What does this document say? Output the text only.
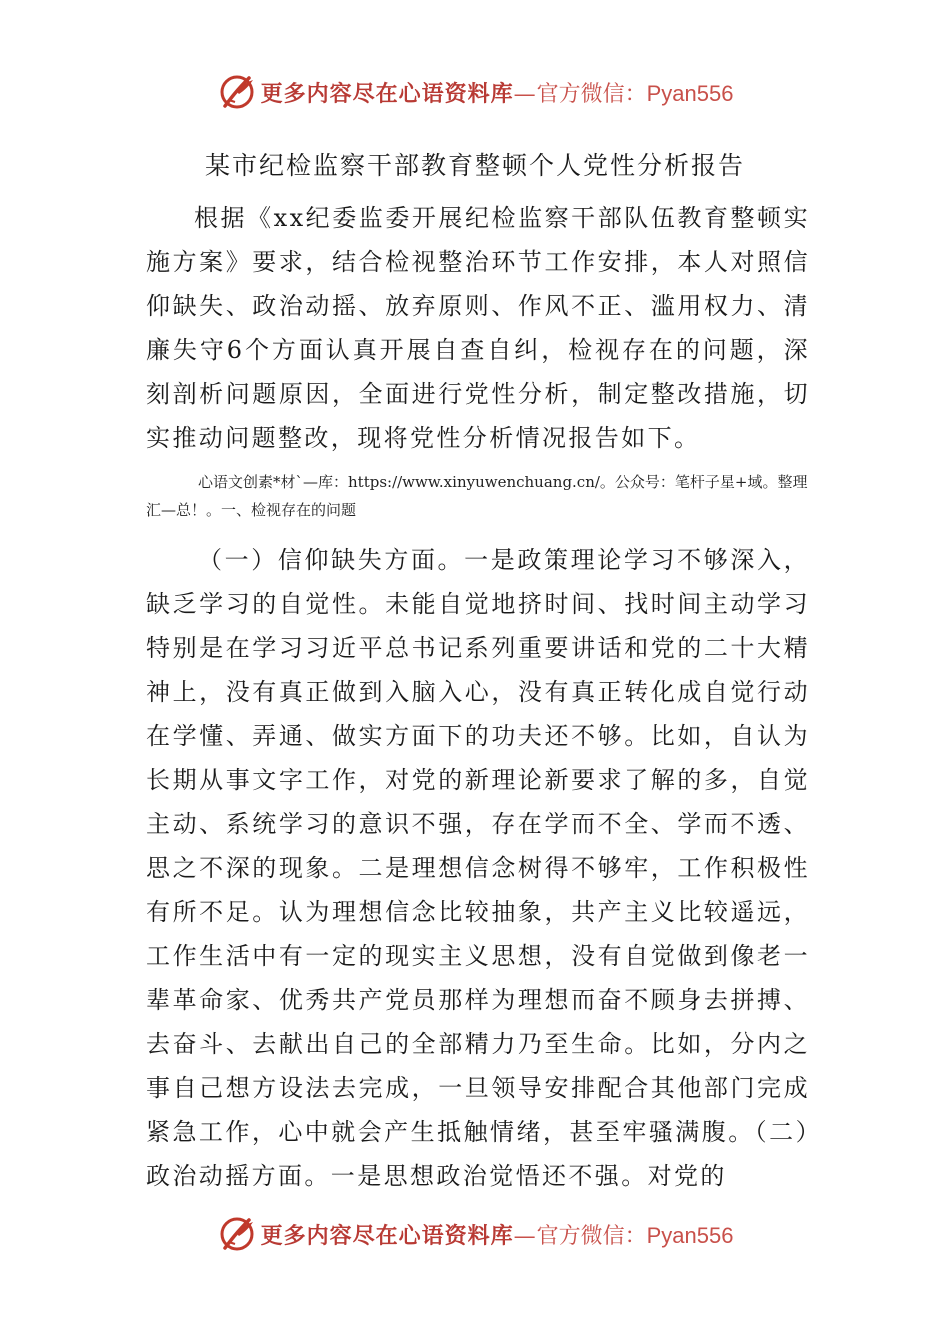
更多内容尽在心语资料库—官方微信：Pyan556
某市纪检监察干部教育整顿个人党性分析报告

根据《xx纪委监委开展纪检监察干部队伍教育整顿实施方案》要求，结合检视整治环节工作安排，本人对照信仰缺失、政治动摇、放弃原则、作风不正、滥用权力、清廉失守6个方面认真开展自查自纠，检视存在的问题，深刻剖析问题原因，全面进行党性分析，制定整改措施，切实推动问题整改，现将党性分析情况报告如下。

心语文创素*材`—库：https://www.xinyuwenchuang.cn/。公众号：笔杆子星+域。整理汇—总！。一、检视存在的问题

（一）信仰缺失方面。一是政策理论学习不够深入，缺乏学习的自觉性。未能自觉地挤时间、找时间主动学习特别是在学习习近平总书记系列重要讲话和党的二十大精神上，没有真正做到入脑入心，没有真正转化成自觉行动在学懂、弄通、做实方面下的功夫还不够。比如，自认为长期从事文字工作，对党的新理论新要求了解的多，自觉主动、系统学习的意识不强，存在学而不全、学而不透、思之不深的现象。二是理想信念树得不够牢，工作积极性有所不足。认为理想信念比较抽象，共产主义比较遥远，工作生活中有一定的现实主义思想，没有自觉做到像老一辈革命家、优秀共产党员那样为理想而奋不顾身去拼搏、去奋斗、去献出自己的全部精力乃至生命。比如，分内之事自己想方设法去完成，一旦领导安排配合其他部门完成紧急工作，心中就会产生抵触情绪，甚至牢骚满腹。（二）政治动摇方面。一是思想政治觉悟还不强。对党的

更多内容尽在心语资料库—官方微信：Pyan556
